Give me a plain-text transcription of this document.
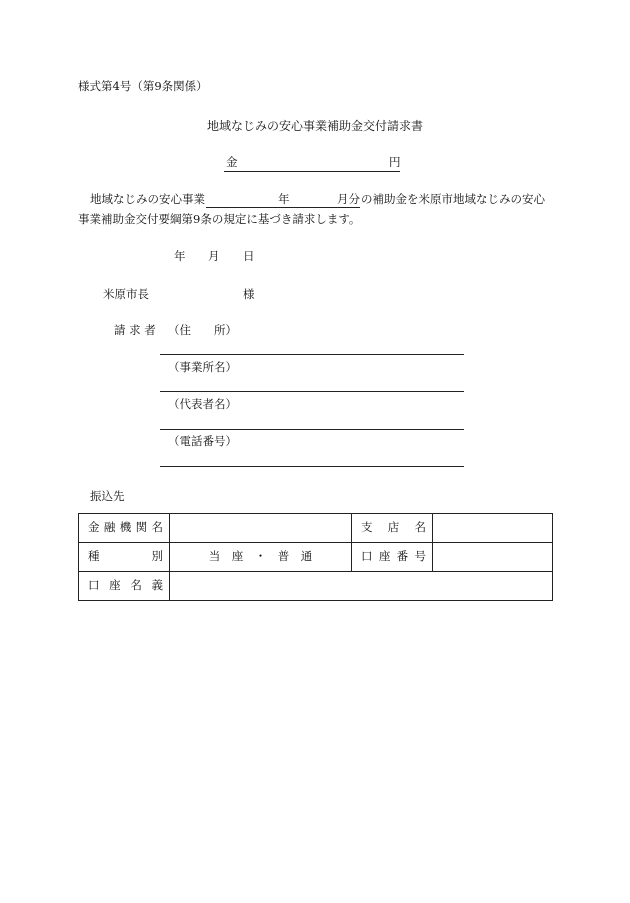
様式第4号（第9条関係）
地域なじみの安心事業補助金交付請求書
金	円
地域なじみの安心事業	年	月分 の補助金を米原市地域なじみの安心
事業補助金交付要綱第9条の規定に基づき請求します。
年 月 日
米原市長	様
請 求 者 （住　　所）
（事業所名）
（代表者名）
（電話番号）
振込先
金 融 機 関 名		支 店 名	

種 別	当　座　・　普　通	口 座 番 号	

口 座 名 義			
